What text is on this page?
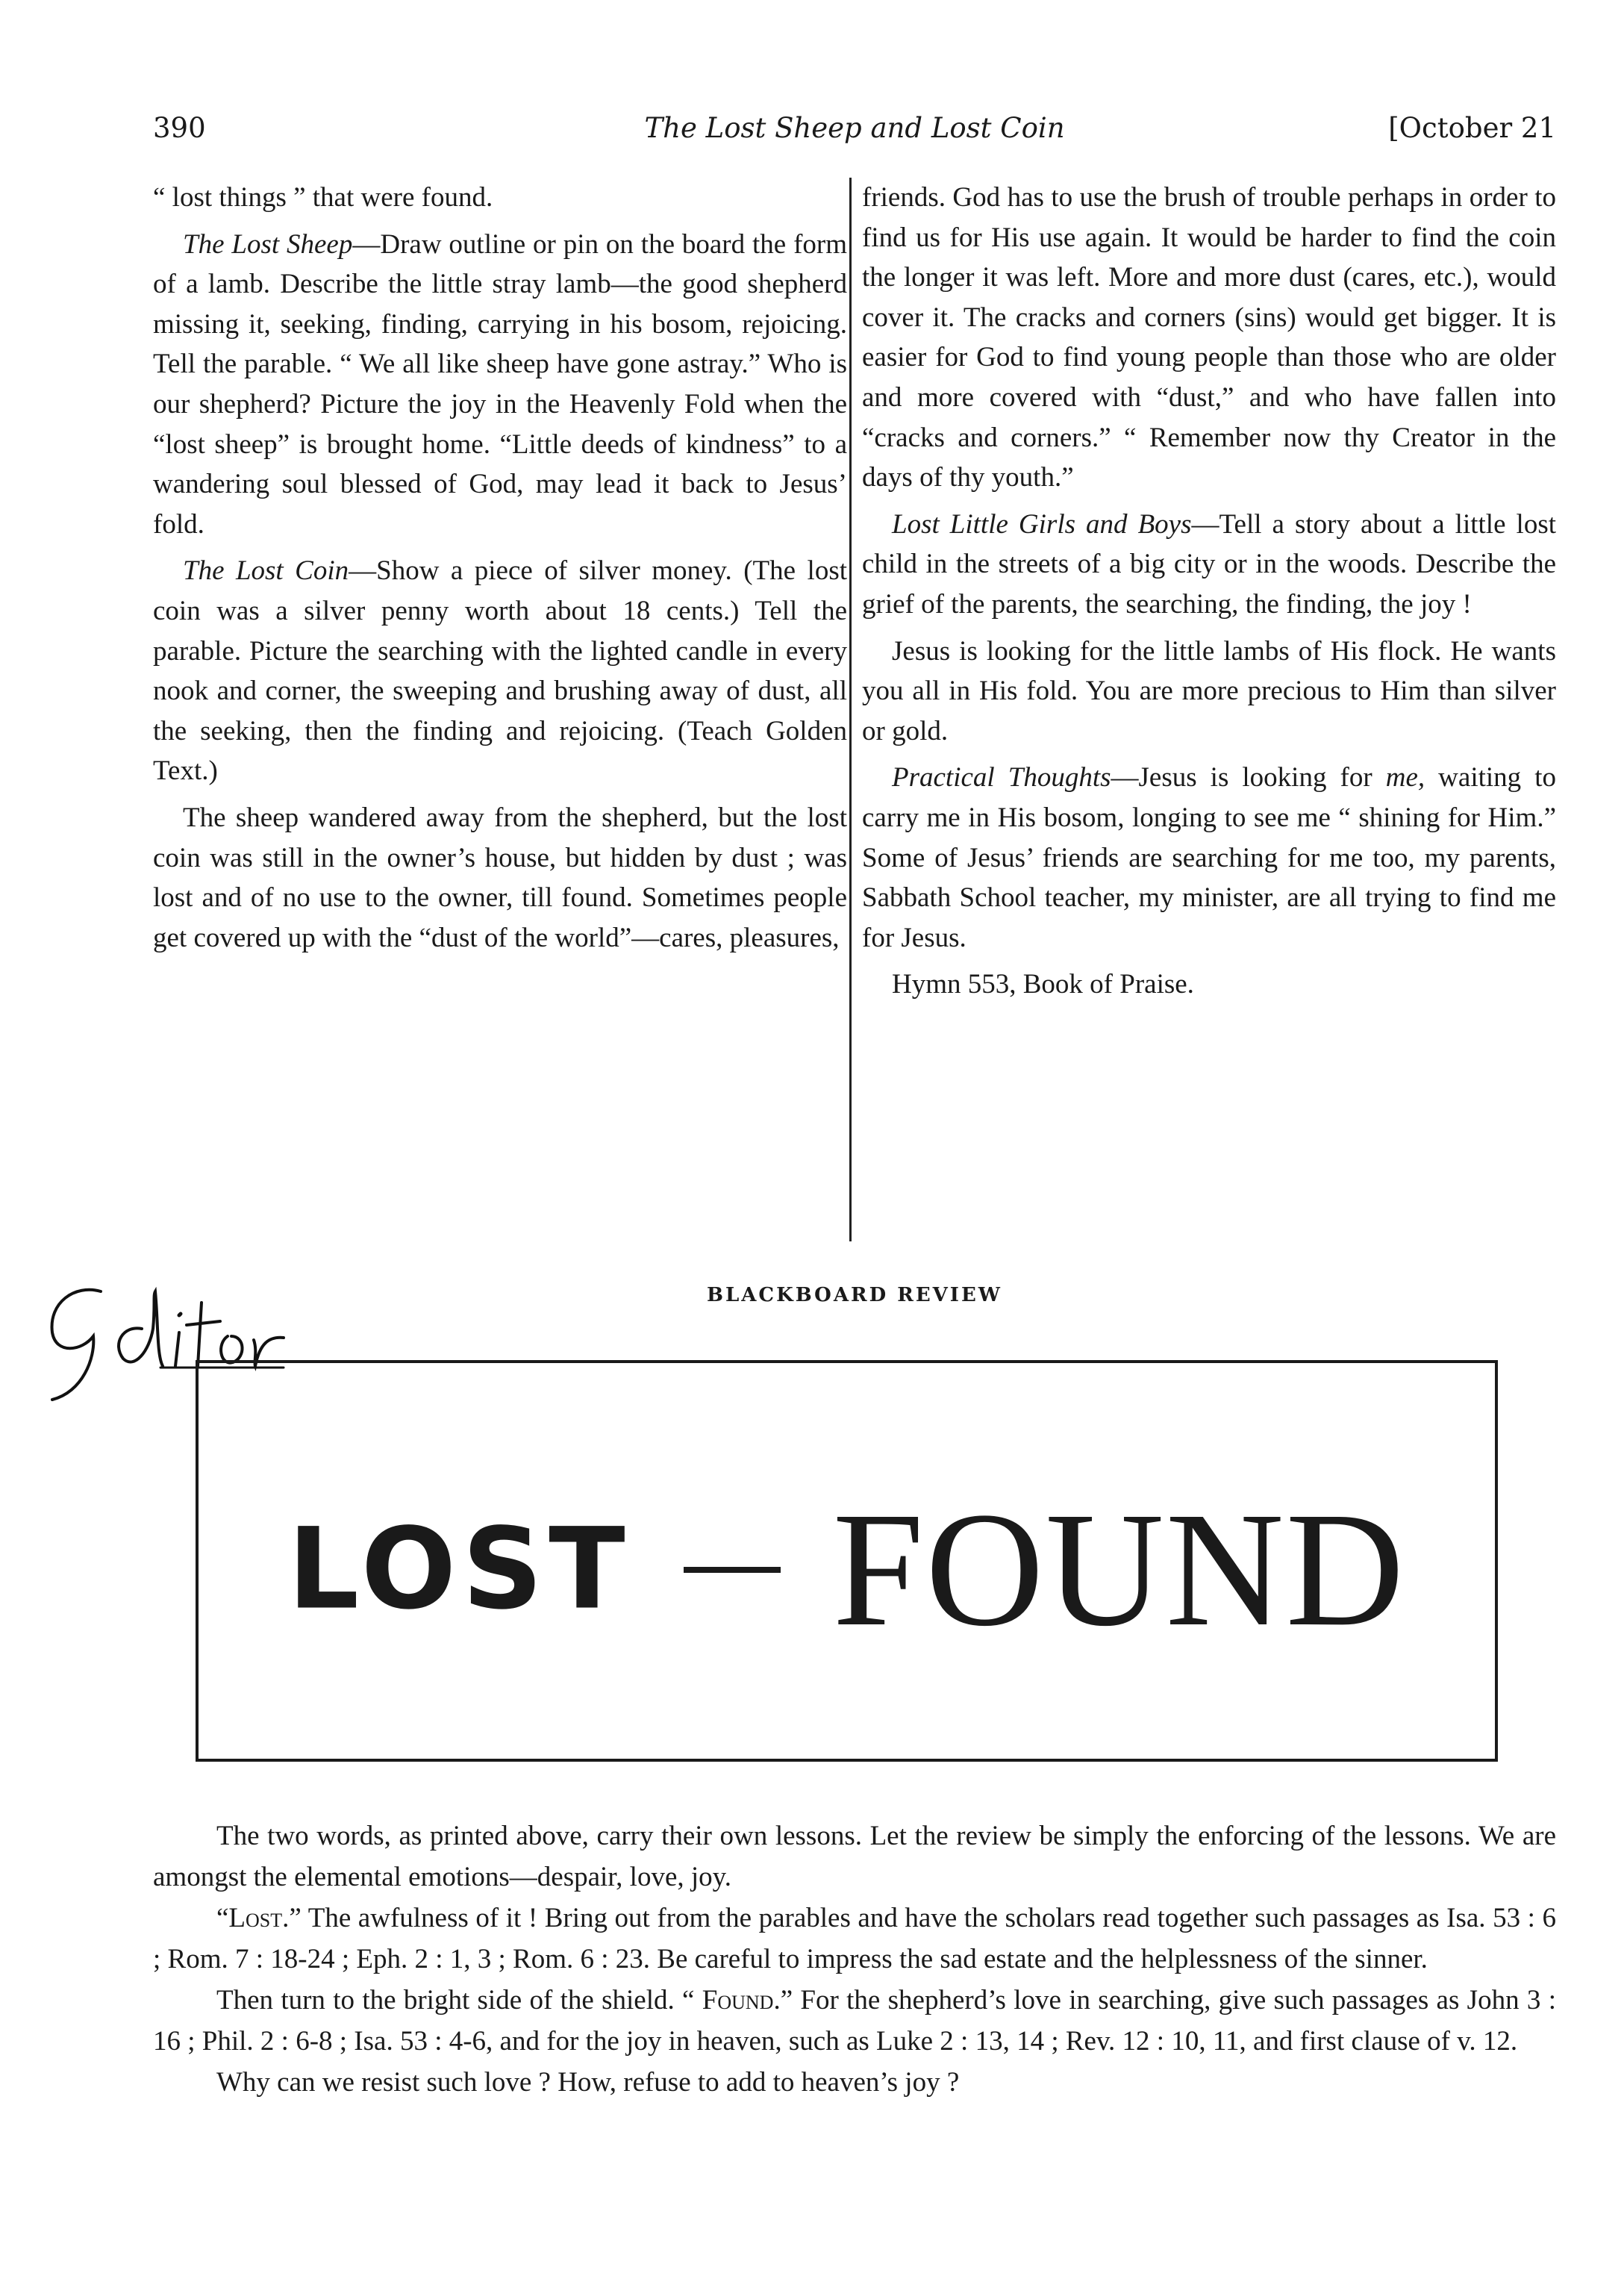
390	The Lost Sheep and Lost Coin	[October 21

“ lost things ” that were found.

The Lost Sheep—Draw outline or pin on the board the form of a lamb. Describe the little stray lamb—the good shepherd missing it, seeking, finding, carrying in his bosom, rejoicing. Tell the parable. “ We all like sheep have gone astray.” Who is our shepherd? Picture the joy in the Heavenly Fold when the “lost sheep” is brought home. “Little deeds of kindness” to a wandering soul blessed of God, may lead it back to Jesus’ fold.

The Lost Coin—Show a piece of silver money. (The lost coin was a silver penny worth about 18 cents.) Tell the parable. Picture the searching with the lighted candle in every nook and corner, the sweeping and brushing away of dust, all the seeking, then the finding and rejoicing. (Teach Golden Text.)

The sheep wandered away from the shepherd, but the lost coin was still in the owner’s house, but hidden by dust ; was lost and of no use to the owner, till found. Sometimes people get covered up with the “dust of the world”—cares, pleasures,

friends. God has to use the brush of trouble perhaps in order to find us for His use again. It would be harder to find the coin the longer it was left. More and more dust (cares, etc.), would cover it. The cracks and corners (sins) would get bigger. It is easier for God to find young people than those who are older and more covered with “dust,” and who have fallen into “cracks and corners.” “ Remember now thy Creator in the days of thy youth.”

Lost Little Girls and Boys—Tell a story about a little lost child in the streets of a big city or in the woods. Describe the grief of the parents, the searching, the finding, the joy !

Jesus is looking for the little lambs of His flock. He wants you all in His fold. You are more precious to Him than silver or gold.

Practical Thoughts—Jesus is looking for me, waiting to carry me in His bosom, longing to see me “ shining for Him.” Some of Jesus’ friends are searching for me too, my parents, Sabbath School teacher, my minister, are all trying to find me for Jesus.

Hymn 553, Book of Praise.

BLACKBOARD REVIEW
LOST FOUND

The two words, as printed above, carry their own lessons. Let the review be simply the enforcing of the lessons. We are amongst the elemental emotions—despair, love, joy.

“Lost.” The awfulness of it ! Bring out from the parables and have the scholars read together such passages as Isa. 53 : 6 ; Rom. 7 : 18-24 ; Eph. 2 : 1, 3 ; Rom. 6 : 23. Be careful to impress the sad estate and the helplessness of the sinner.

Then turn to the bright side of the shield. “ Found.” For the shepherd’s love in searching, give such passages as John 3 : 16 ; Phil. 2 : 6-8 ; Isa. 53 : 4-6, and for the joy in heaven, such as Luke 2 : 13, 14 ; Rev. 12 : 10, 11, and first clause of v. 12.

Why can we resist such love ? How, refuse to add to heaven’s joy ?
